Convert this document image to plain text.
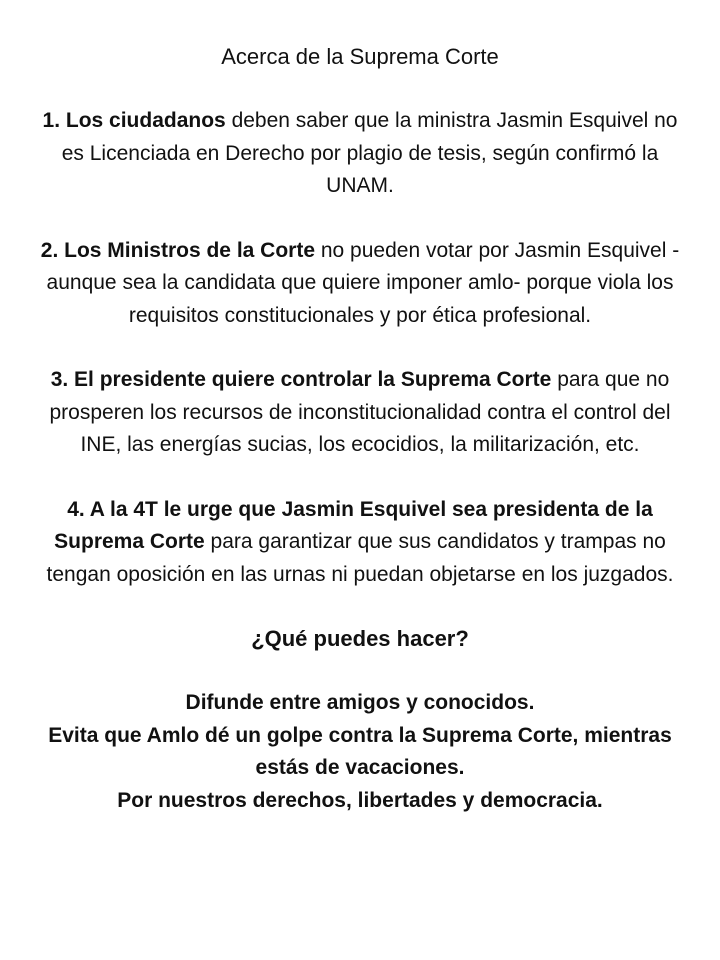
Acerca de la Suprema Corte
1. Los ciudadanos deben saber que la ministra Jasmin Esquivel no es Licenciada en Derecho por plagio de tesis, según confirmó la UNAM.
2. Los Ministros de la Corte no pueden votar por Jasmin Esquivel -aunque sea la candidata que quiere imponer amlo- porque viola los requisitos constitucionales y por ética profesional.
3. El presidente quiere controlar la Suprema Corte para que no prosperen los recursos de inconstitucionalidad contra el control del INE, las energías sucias, los ecocidios, la militarización, etc.
4. A la 4T le urge que Jasmin Esquivel sea presidenta de la Suprema Corte para garantizar que sus candidatos y trampas no tengan oposición en las urnas ni puedan objetarse en los juzgados.
¿Qué puedes hacer?
Difunde entre amigos y conocidos.
Evita que Amlo dé un golpe contra la Suprema Corte, mientras estás de vacaciones.
Por nuestros derechos, libertades y democracia.
